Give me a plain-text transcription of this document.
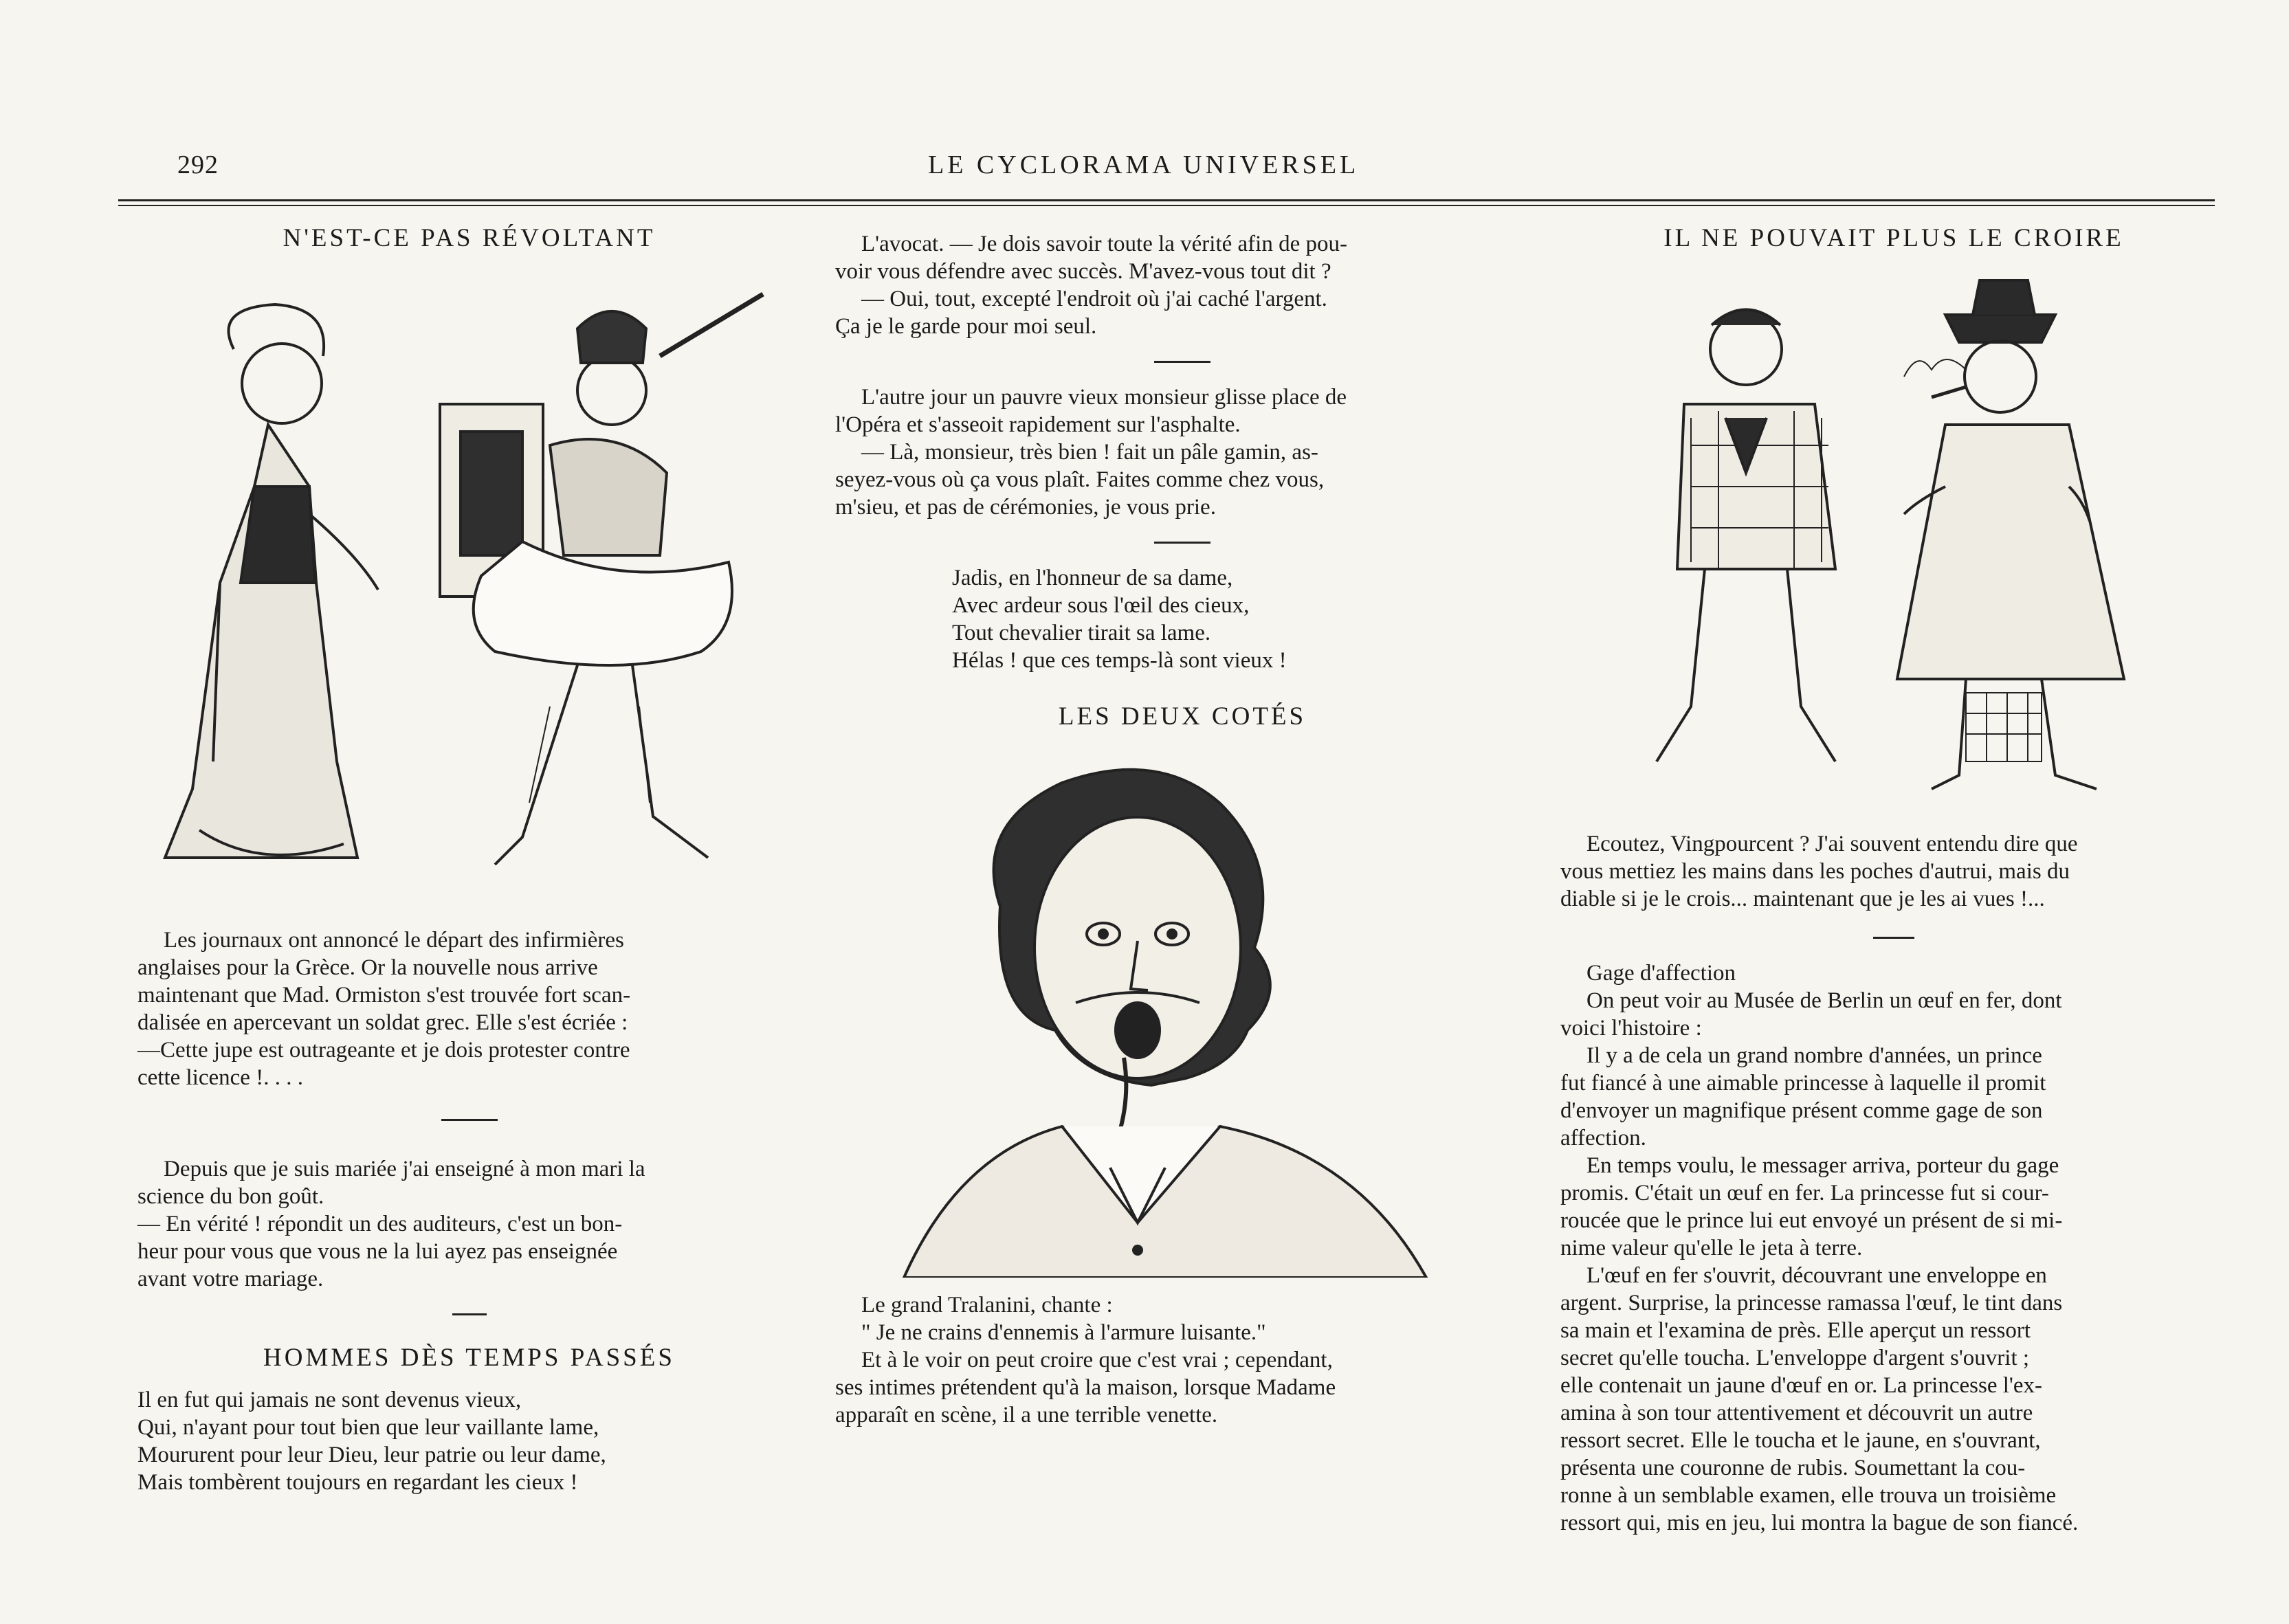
292	LE CYCLORAMA UNIVERSEL
N'EST-CE PAS RÉVOLTANT

Les journaux ont annoncé le départ des infirmières

anglaises pour la Grèce. Or la nouvelle nous arrive

maintenant que Mad. Ormiston s'est trouvée fort scan-

dalisée en apercevant un soldat grec. Elle s'est écriée :

—Cette jupe est outrageante et je dois protester contre

cette licence !. . . .

Depuis que je suis mariée j'ai enseigné à mon mari la

science du bon goût.

— En vérité ! répondit un des auditeurs, c'est un bon-

heur pour vous que vous ne la lui ayez pas enseignée

avant votre mariage.

HOMMES DÈS TEMPS PASSÉS

Il en fut qui jamais ne sont devenus vieux,

Qui, n'ayant pour tout bien que leur vaillante lame,

Moururent pour leur Dieu, leur patrie ou leur dame,

Mais tombèrent toujours en regardant les cieux !

L'avocat. — Je dois savoir toute la vérité afin de pou-

voir vous défendre avec succès. M'avez-vous tout dit ?

— Oui, tout, excepté l'endroit où j'ai caché l'argent.

Ça je le garde pour moi seul.

L'autre jour un pauvre vieux monsieur glisse place de

l'Opéra et s'asseoit rapidement sur l'asphalte.

— Là, monsieur, très bien ! fait un pâle gamin, as-

seyez-vous où ça vous plaît. Faites comme chez vous,

m'sieu, et pas de cérémonies, je vous prie.

Jadis, en l'honneur de sa dame,
Avec ardeur sous l'œil des cieux,
Tout chevalier tirait sa lame.
Hélas ! que ces temps-là sont vieux !
LES DEUX COTÉS

Le grand Tralanini, chante :

" Je ne crains d'ennemis à l'armure luisante."

Et à le voir on peut croire que c'est vrai ; cependant,

ses intimes prétendent qu'à la maison, lorsque Madame

apparaît en scène, il a une terrible venette.

IL NE POUVAIT PLUS LE CROIRE

Ecoutez, Vingpourcent ? J'ai souvent entendu dire que

vous mettiez les mains dans les poches d'autrui, mais du

diable si je le crois... maintenant que je les ai vues !...

Gage d'affection

On peut voir au Musée de Berlin un œuf en fer, dont

voici l'histoire :

Il y a de cela un grand nombre d'années, un prince

fut fiancé à une aimable princesse à laquelle il promit

d'envoyer un magnifique présent comme gage de son

affection.

En temps voulu, le messager arriva, porteur du gage

promis. C'était un œuf en fer. La princesse fut si cour-

roucée que le prince lui eut envoyé un présent de si mi-

nime valeur qu'elle le jeta à terre.

L'œuf en fer s'ouvrit, découvrant une enveloppe en

argent. Surprise, la princesse ramassa l'œuf, le tint dans

sa main et l'examina de près. Elle aperçut un ressort

secret qu'elle toucha. L'enveloppe d'argent s'ouvrit ;

elle contenait un jaune d'œuf en or. La princesse l'ex-

amina à son tour attentivement et découvrit un autre

ressort secret. Elle le toucha et le jaune, en s'ouvrant,

présenta une couronne de rubis. Soumettant la cou-

ronne à un semblable examen, elle trouva un troisième

ressort qui, mis en jeu, lui montra la bague de son fiancé.
